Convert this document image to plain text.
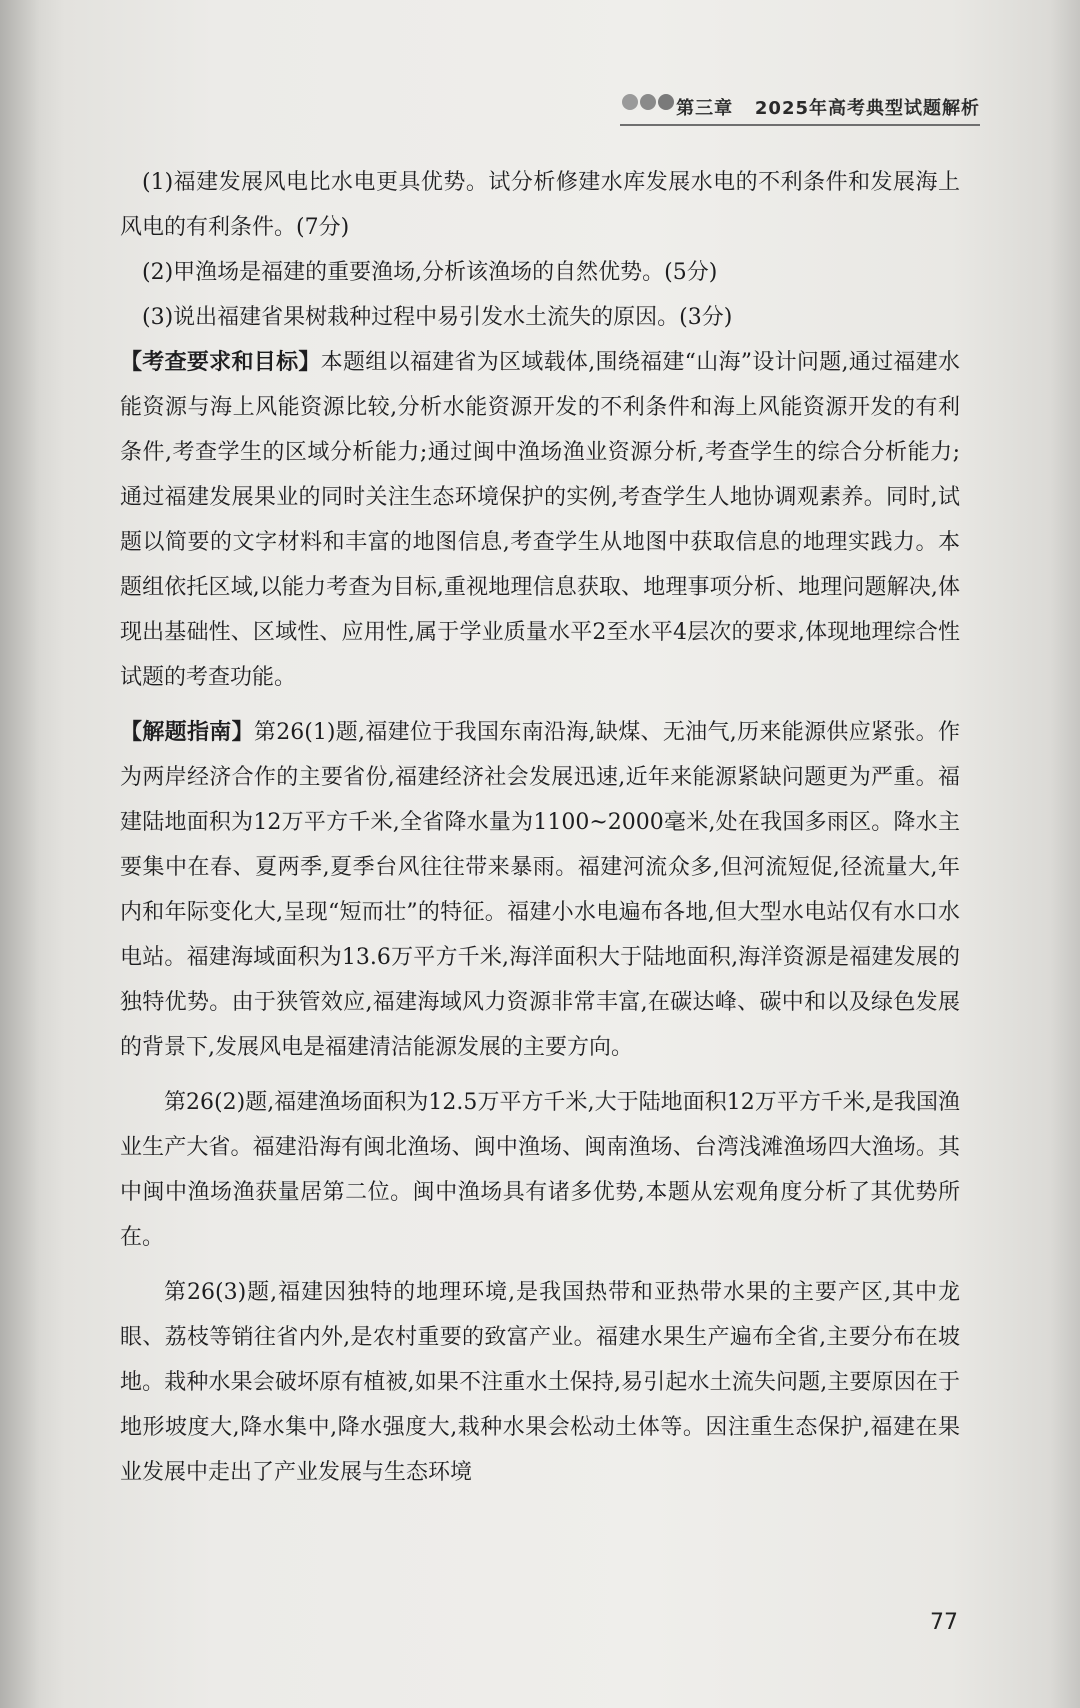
第三章 2025年高考典型试题解析

(1)福建发展风电比水电更具优势。试分析修建水库发展水电的不利条件和发展海上风电的有利条件。(7分)

(2)甲渔场是福建的重要渔场,分析该渔场的自然优势。(5分)

(3)说出福建省果树栽种过程中易引发水土流失的原因。(3分)

【考查要求和目标】本题组以福建省为区域载体,围绕福建“山海”设计问题,通过福建水能资源与海上风能资源比较,分析水能资源开发的不利条件和海上风能资源开发的有利条件,考查学生的区域分析能力;通过闽中渔场渔业资源分析,考查学生的综合分析能力;通过福建发展果业的同时关注生态环境保护的实例,考查学生人地协调观素养。同时,试题以简要的文字材料和丰富的地图信息,考查学生从地图中获取信息的地理实践力。本题组依托区域,以能力考查为目标,重视地理信息获取、地理事项分析、地理问题解决,体现出基础性、区域性、应用性,属于学业质量水平2至水平4层次的要求,体现地理综合性试题的考查功能。

【解题指南】第26(1)题,福建位于我国东南沿海,缺煤、无油气,历来能源供应紧张。作为两岸经济合作的主要省份,福建经济社会发展迅速,近年来能源紧缺问题更为严重。福建陆地面积为12万平方千米,全省降水量为1100~2000毫米,处在我国多雨区。降水主要集中在春、夏两季,夏季台风往往带来暴雨。福建河流众多,但河流短促,径流量大,年内和年际变化大,呈现“短而壮”的特征。福建小水电遍布各地,但大型水电站仅有水口水电站。福建海域面积为13.6万平方千米,海洋面积大于陆地面积,海洋资源是福建发展的独特优势。由于狭管效应,福建海域风力资源非常丰富,在碳达峰、碳中和以及绿色发展的背景下,发展风电是福建清洁能源发展的主要方向。

第26(2)题,福建渔场面积为12.5万平方千米,大于陆地面积12万平方千米,是我国渔业生产大省。福建沿海有闽北渔场、闽中渔场、闽南渔场、台湾浅滩渔场四大渔场。其中闽中渔场渔获量居第二位。闽中渔场具有诸多优势,本题从宏观角度分析了其优势所在。

第26(3)题,福建因独特的地理环境,是我国热带和亚热带水果的主要产区,其中龙眼、荔枝等销往省内外,是农村重要的致富产业。福建水果生产遍布全省,主要分布在坡地。栽种水果会破坏原有植被,如果不注重水土保持,易引起水土流失问题,主要原因在于地形坡度大,降水集中,降水强度大,栽种水果会松动土体等。因注重生态保护,福建在果业发展中走出了产业发展与生态环境

77
